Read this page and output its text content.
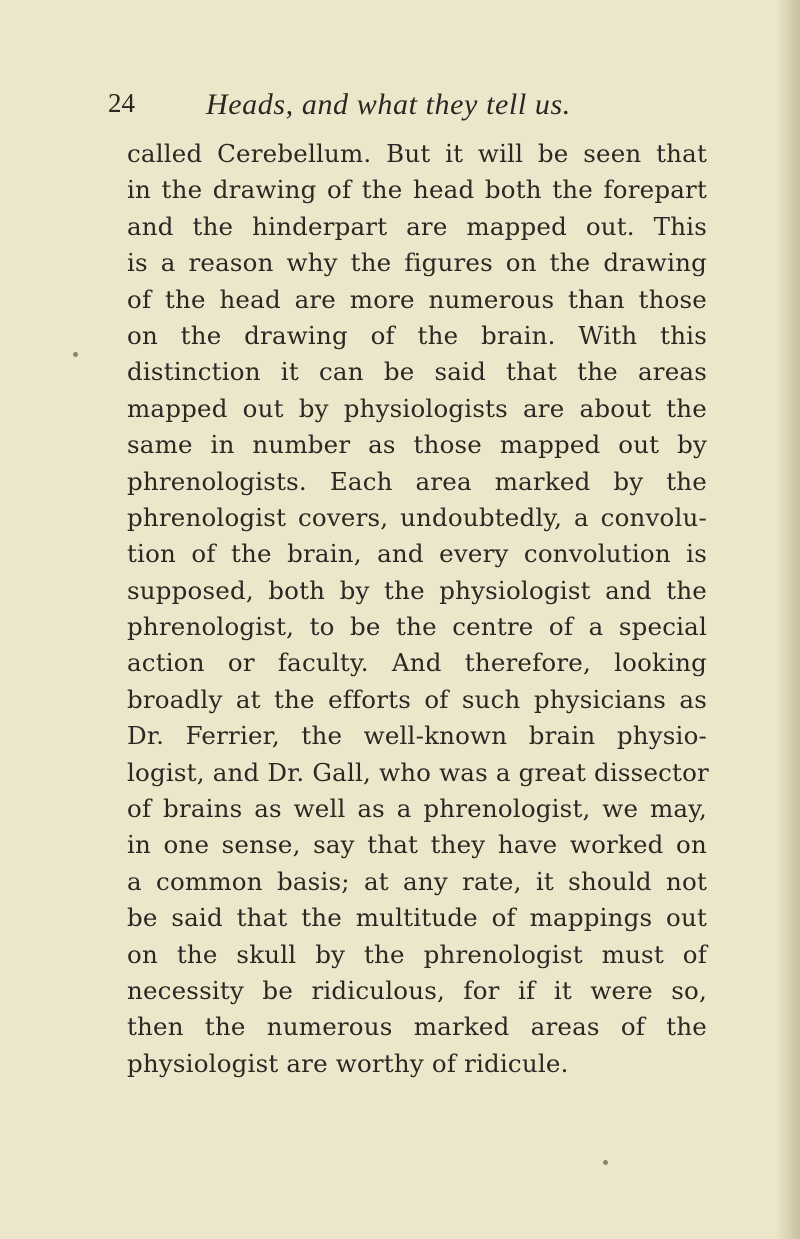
24 Heads, and what they tell us.
called Cerebellum. But it will be seen that
in the drawing of the head both the forepart
and the hinderpart are mapped out. This
is a reason why the figures on the drawing
of the head are more numerous than those
on the drawing of the brain. With this
distinction it can be said that the areas
mapped out by physiologists are about the
same in number as those mapped out by
phrenologists. Each area marked by the
phrenologist covers, undoubtedly, a convolu-
tion of the brain, and every convolution is
supposed, both by the physiologist and the
phrenologist, to be the centre of a special
action or faculty. And therefore, looking
broadly at the efforts of such physicians as
Dr. Ferrier, the well-known brain physio-
logist, and Dr. Gall, who was a great dissector
of brains as well as a phrenologist, we may,
in one sense, say that they have worked on
a common basis; at any rate, it should not
be said that the multitude of mappings out
on the skull by the phrenologist must of
necessity be ridiculous, for if it were so,
then the numerous marked areas of the
physiologist are worthy of ridicule.
